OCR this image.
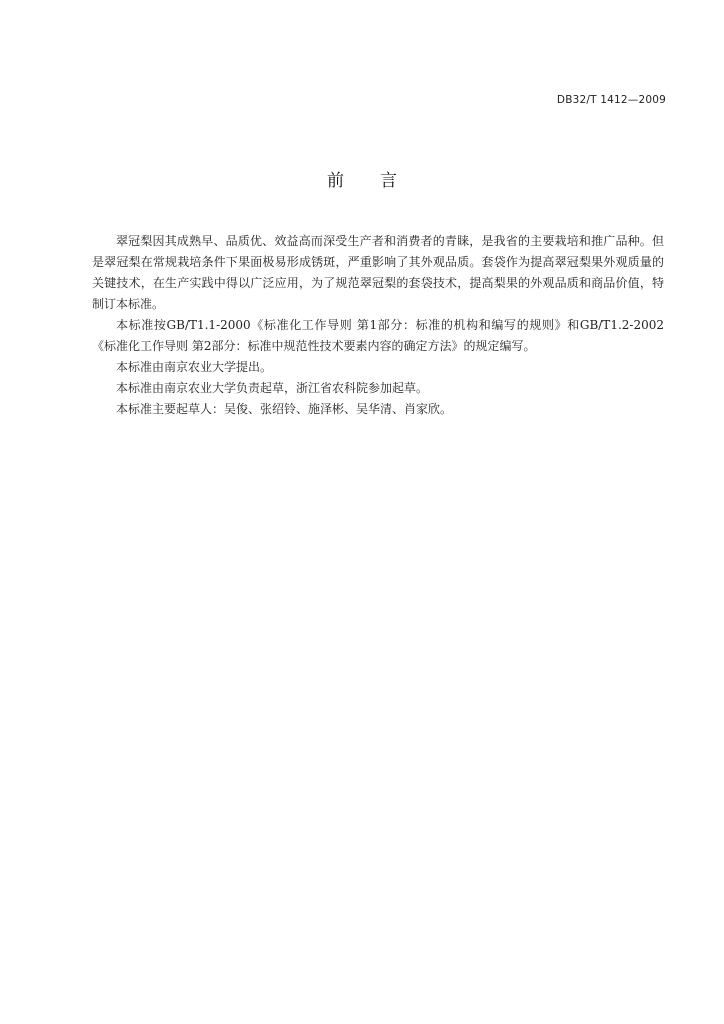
DB32/T 1412—2009
前言

翠冠梨因其成熟早、品质优、效益高而深受生产者和消费者的青睐，是我省的主要栽培和推广品种。但是翠冠梨在常规栽培条件下果面极易形成锈斑，严重影响了其外观品质。套袋作为提高翠冠梨果外观质量的关键技术，在生产实践中得以广泛应用，为了规范翠冠梨的套袋技术，提高梨果的外观品质和商品价值，特制订本标准。

本标准按GB/T1.1-2000《标准化工作导则 第1部分：标准的机构和编写的规则》和GB/T1.2-2002《标准化工作导则 第2部分：标准中规范性技术要素内容的确定方法》的规定编写。

本标准由南京农业大学提出。

本标准由南京农业大学负责起草，浙江省农科院参加起草。

本标准主要起草人：吴俊、张绍铃、施泽彬、吴华清、肖家欣。
